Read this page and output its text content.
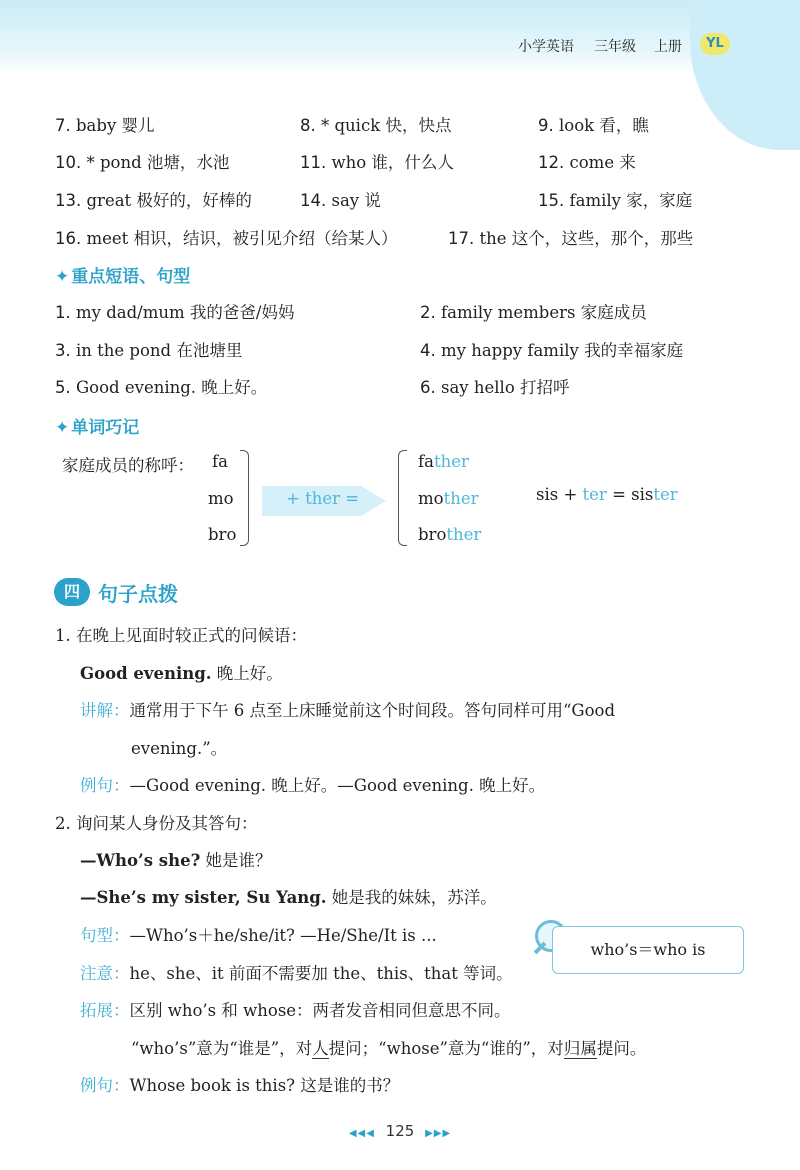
小学英语 三年级 上册	YL
7. baby 婴儿	8. * quick 快，快点	9. look 看，瞧
10. * pond 池塘，水池	11. who 谁，什么人	12. come 来
13. great 极好的，好棒的	14. say 说	15. family 家，家庭
16. meet 相识，结识，被引见介绍（给某人）	17. the 这个，这些，那个，那些
✦ 重点短语、句型
1. my dad/mum 我的爸爸/妈妈	2. family members 家庭成员
3. in the pond 在池塘里	4. my happy family 我的幸福家庭
5. Good evening. 晚上好。	6. say hello 打招呼
✦ 单词巧记
家庭成员的称呼： fa
mo
bro
+ ther =
father
mother
brother
sis + ter = sister
四 句子点拨
1. 在晚上见面时较正式的问候语：
Good evening. 晚上好。
讲解：通常用于下午 6 点至上床睡觉前这个时间段。答句同样可用“Good
evening.”。
例句：—Good evening. 晚上好。—Good evening. 晚上好。
2. 询问某人身份及其答句：
—Who’s she? 她是谁？
—She’s my sister, Su Yang. 她是我的妹妹，苏洋。
句型：—Who’s＋he/she/it? —He/She/It is ...
who’s＝who is
注意：he、she、it 前面不需要加 the、this、that 等词。
拓展：区别 who’s 和 whose：两者发音相同但意思不同。
“who’s”意为“谁是”，对人提问；“whose”意为“谁的”，对归属提问。
例句：Whose book is this? 这是谁的书？
◀◀◀ 125 ▶▶▶
